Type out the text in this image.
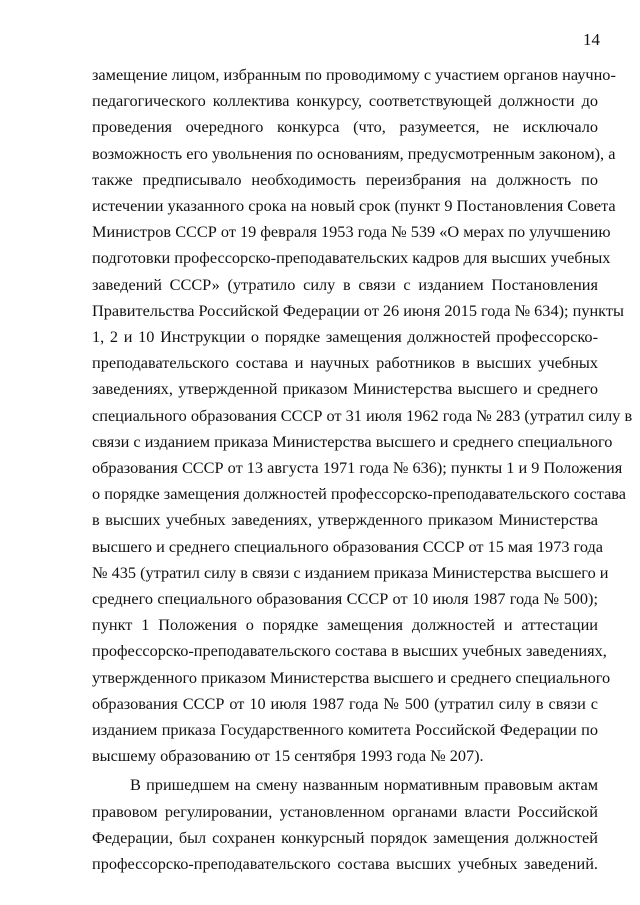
14

замещение лицом, избранным по проводимому с участием органов научно-
педагогического коллектива конкурсу, соответствующей должности до
проведения очередного конкурса (что, разумеется, не исключало
возможность его увольнения по основаниям, предусмотренным законом), а
также предписывало необходимость переизбрания на должность по
истечении указанного срока на новый срок (пункт 9 Постановления Совета
Министров СССР от 19 февраля 1953 года № 539 «О мерах по улучшению
подготовки профессорско-преподавательских кадров для высших учебных
заведений СССР» (утратило силу в связи с изданием Постановления
Правительства Российской Федерации от 26 июня 2015 года № 634); пункты
1, 2 и 10 Инструкции о порядке замещения должностей профессорско-
преподавательского состава и научных работников в высших учебных
заведениях, утвержденной приказом Министерства высшего и среднего
специального образования СССР от 31 июля 1962 года № 283 (утратил силу в
связи с изданием приказа Министерства высшего и среднего специального
образования СССР от 13 августа 1971 года № 636); пункты 1 и 9 Положения
о порядке замещения должностей профессорско-преподавательского состава
в высших учебных заведениях, утвержденного приказом Министерства
высшего и среднего специального образования СССР от 15 мая 1973 года
№ 435 (утратил силу в связи с изданием приказа Министерства высшего и
среднего специального образования СССР от 10 июля 1987 года № 500);
пункт 1 Положения о порядке замещения должностей и аттестации
профессорско-преподавательского состава в высших учебных заведениях,
утвержденного приказом Министерства высшего и среднего специального
образования СССР от 10 июля 1987 года № 500 (утратил силу в связи с
изданием приказа Государственного комитета Российской Федерации по
высшему образованию от 15 сентября 1993 года № 207).

В пришедшем на смену названным нормативным правовым актам
правовом регулировании, установленном органами власти Российской
Федерации, был сохранен конкурсный порядок замещения должностей
профессорско-преподавательского состава высших учебных заведений.
